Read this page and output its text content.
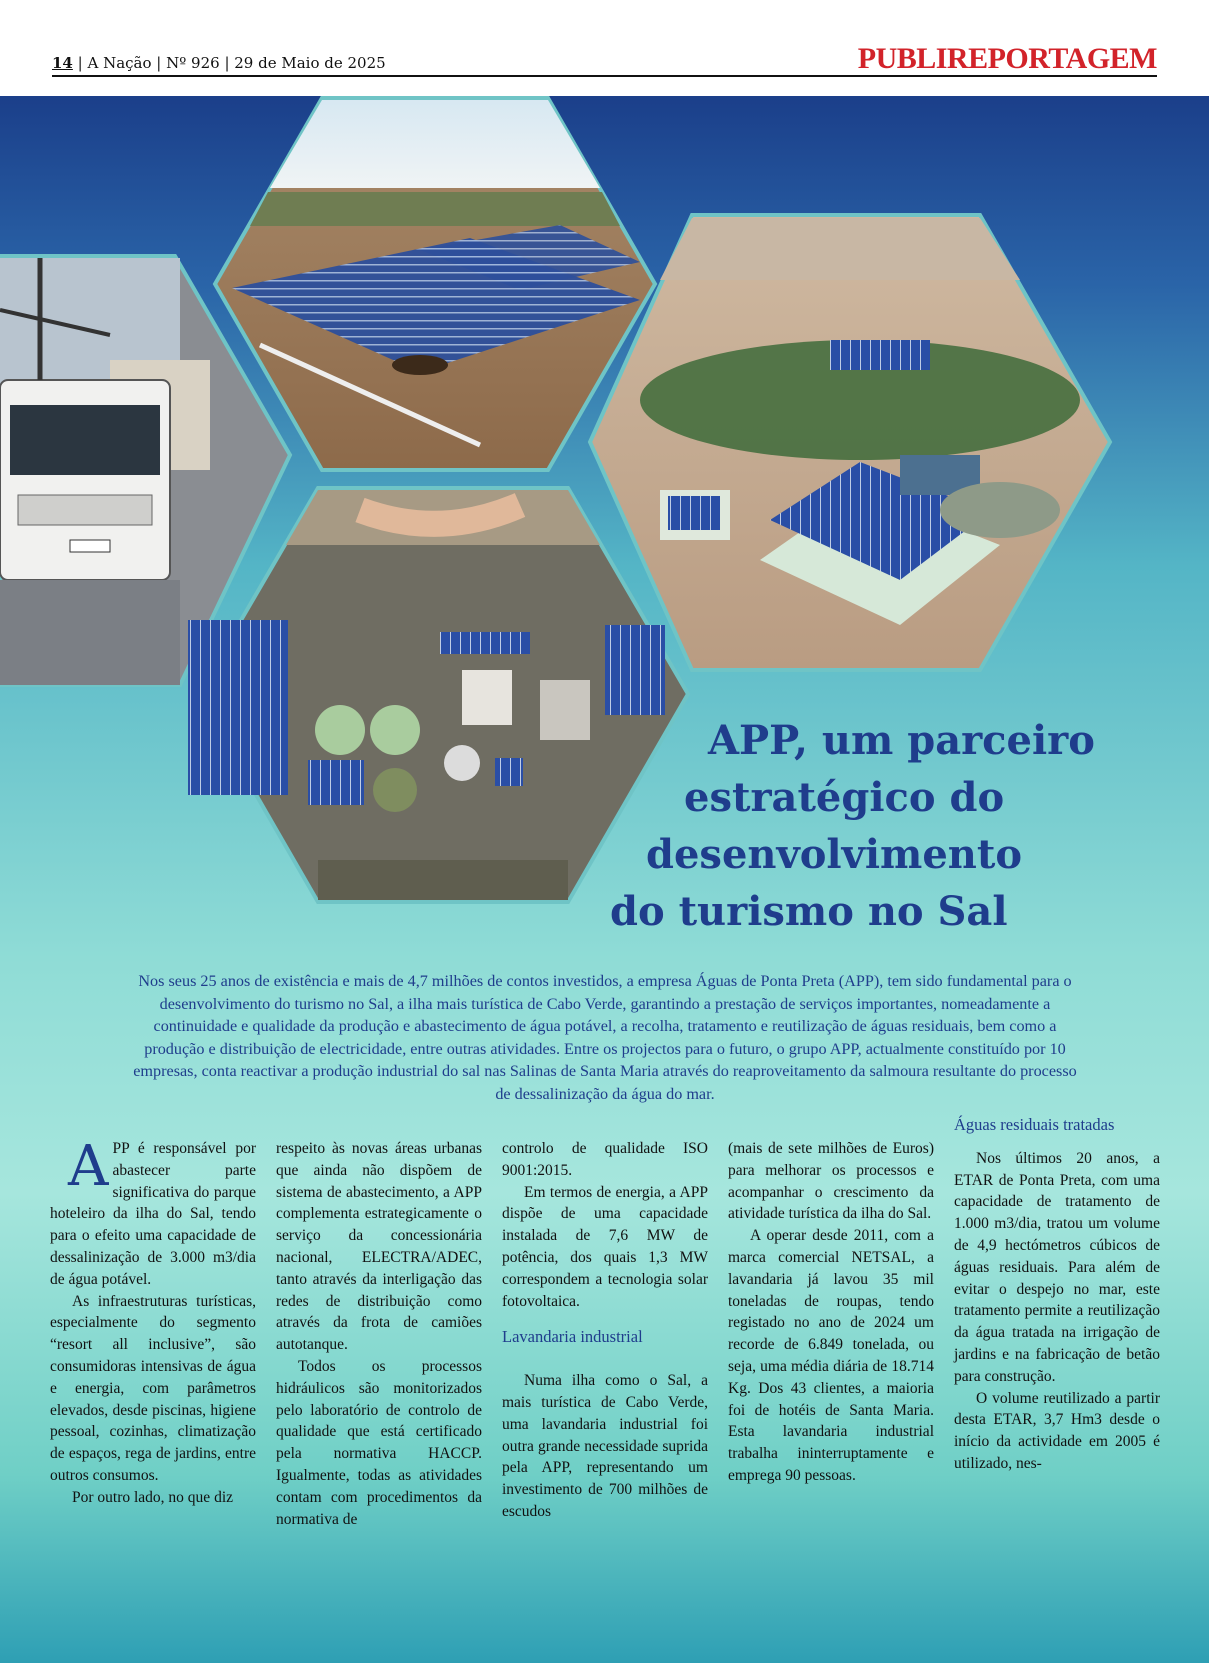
14 | A Nação | Nº 926 | 29 de Maio de 2025	PUBLIREPORTAGEM
APP, um parceiro
estratégico do
desenvolvimento
do turismo no Sal
Nos seus 25 anos de existência e mais de 4,7 milhões de contos investidos, a empresa Águas de Ponta Preta (APP), tem sido fundamental para o desenvolvimento do turismo no Sal, a ilha mais turística de Cabo Verde, garantindo a prestação de serviços importantes, nomeadamente a continuidade e qualidade da produção e abastecimento de água potável, a recolha, tratamento e reutilização de águas residuais, bem como a produção e distribuição de electricidade, entre outras atividades. Entre os projectos para o futuro, o grupo APP, actualmente constituído por 10 empresas, conta reactivar a produção industrial do sal nas Salinas de Santa Maria através do reaproveitamento da salmoura resultante do processo de dessalinização da água do mar.
A PP é responsável por abastecer parte significativa do parque hoteleiro da ilha do Sal, tendo para o efeito uma capacidade de dessalinização de 3.000 m3/dia de água potável.

As infraestruturas turísticas, especialmente do segmento “resort all inclusive”, são consumidoras intensivas de água e energia, com parâmetros elevados, desde piscinas, higiene pessoal, cozinhas, climatização de espaços, rega de jardins, entre outros consumos.

Por outro lado, no que diz

respeito às novas áreas urbanas que ainda não dispõem de sistema de abastecimento, a APP complementa estrategicamente o serviço da concessionária nacional, ELECTRA/ADEC, tanto através da interligação das redes de distribuição como através da frota de camiões autotanque.

Todos os processos hidráulicos são monitorizados pelo laboratório de controlo de qualidade que está certificado pela normativa HACCP. Igualmente, todas as atividades contam com procedimentos da normativa de

controlo de qualidade ISO 9001:2015.

Em termos de energia, a APP dispõe de uma capacidade instalada de 7,6 MW de potência, dos quais 1,3 MW correspondem a tecnologia solar fotovoltaica.

Lavandaria industrial

Numa ilha como o Sal, a mais turística de Cabo Verde, uma lavandaria industrial foi outra grande necessidade suprida pela APP, representando um investimento de 700 milhões de escudos

(mais de sete milhões de Euros) para melhorar os processos e acompanhar o crescimento da atividade turística da ilha do Sal.

A operar desde 2011, com a marca comercial NETSAL, a lavandaria já lavou 35 mil toneladas de roupas, tendo registado no ano de 2024 um recorde de 6.849 tonelada, ou seja, uma média diária de 18.714 Kg. Dos 43 clientes, a maioria foi de hotéis de Santa Maria. Esta lavandaria industrial trabalha ininterruptamente e emprega 90 pessoas.

Águas residuais tratadas

Nos últimos 20 anos, a ETAR de Ponta Preta, com uma capacidade de tratamento de 1.000 m3/dia, tratou um volume de 4,9 hectómetros cúbicos de águas residuais. Para além de evitar o despejo no mar, este tratamento permite a reutilização da água tratada na irrigação de jardins e na fabricação de betão para construção.

O volume reutilizado a partir desta ETAR, 3,7 Hm3 desde o início da actividade em 2005 é utilizado, nes-
